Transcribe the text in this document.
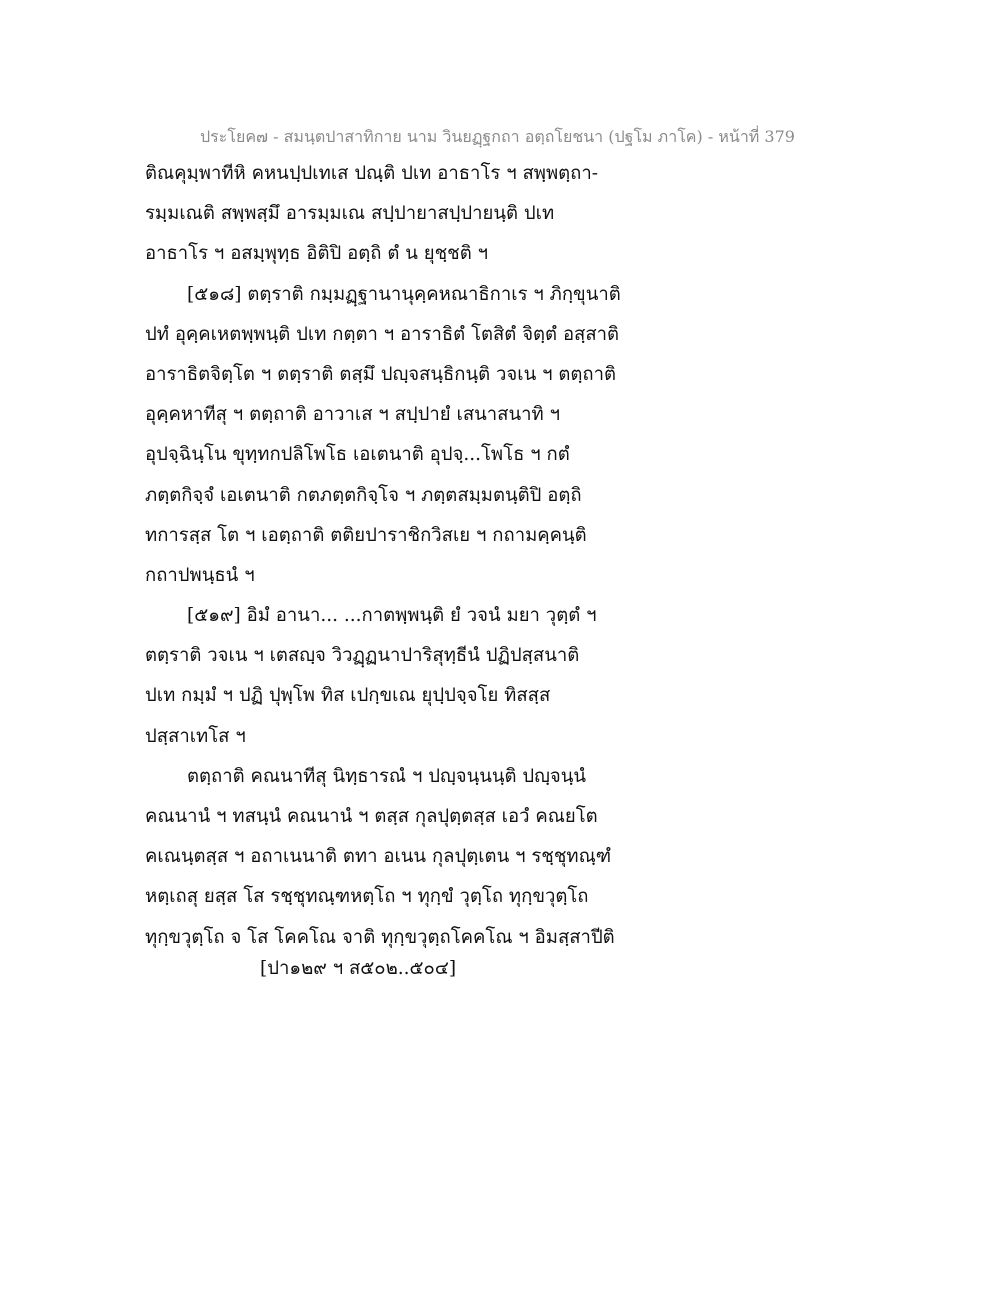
ประโยค๗ - สมนฺตปาสาทิกาย นาม วินยฏฺฐกถา อตฺถโยชนา (ปฐโม ภาโค) - หน้าที่ 379
ติณคุมฺพาทีหิ คหนปฺปเทเส ปณฺติ ปเท อาธาโร ฯ สพฺพตฺถา-
รมฺมเณติ สพฺพสฺมึ อารมฺมเณ สปฺปายาสปฺปายนฺติ ปเท
อาธาโร ฯ อสมฺพุทฺธ อิติปิ อตฺถิ ตํ น ยุชฺชติ ฯ
[๕๑๘] ตตฺราติ กมฺมฏฺฐานานุคฺคหณาธิกาเร ฯ ภิกฺขุนาติ
ปทํ อุคฺคเหตพฺพนฺติ ปเท กตฺตา ฯ อาราธิตํ โตสิตํ จิตฺตํ อสฺสาติ
อาราธิตจิตฺโต ฯ ตตฺราติ ตสฺมึ ปญฺจสนฺธิกนฺติ วจเน ฯ ตตฺถาติ
อุคฺคหาทีสุ ฯ ตตฺถาติ อาวาเส ฯ สปฺปายํ เสนาสนาทิ ฯ
อุปจฺฉินฺโน ขุทฺทกปลิโพโธ เอเตนาติ อุปจฺ...โพโธ ฯ กตํ
ภตฺตกิจฺจํ เอเตนาติ กตภตฺตกิจฺโจ ฯ ภตฺตสมฺมตนฺติปิ อตฺถิ
ทการสฺส โต ฯ เอตฺถาติ ตติยปาราชิกวิสเย ฯ กถามคฺคนฺติ
กถาปพนฺธนํ ฯ
[๕๑๙] อิมํ อานา... ...กาตพฺพนฺติ ยํ วจนํ มยา วุตฺตํ ฯ
ตตฺราติ วจเน ฯ เตสญฺจ วิวฏฺฏนาปาริสุทฺธีนํ ปฏิปสฺสนาติ
ปเท กมฺมํ ฯ ปฏิ ปุพฺโพ ทิส เปกฺขเณ ยุปฺปจฺจโย ทิสสฺส
ปสฺสาเทโส ฯ
ตตฺถาติ คณนาทีสุ นิทฺธารณํ ฯ ปญฺจนฺนนฺติ ปญฺจนฺนํ
คณนานํ ฯ ทสนฺนํ คณนานํ ฯ ตสฺส กุลปุตฺตสฺส เอวํ คณยโต
คเณนฺตสฺส ฯ อถาเนนาติ ตทา อเนน กุลปุตฺเตน ฯ รชฺชุทณฺฑํ
หตฺเถสุ ยสฺส โส รชฺชุทณฺฑหตฺโถ ฯ ทุกฺขํ วุตฺโถ ทุกฺขวุตฺโถ
ทุกฺขวุตฺโถ จ โส โคคโณ จาติ ทุกฺขวุตฺถโคคโณ ฯ อิมสฺสาปีติ
[ปา๑๒๙ ฯ ส๕๐๒..๕๐๔]
